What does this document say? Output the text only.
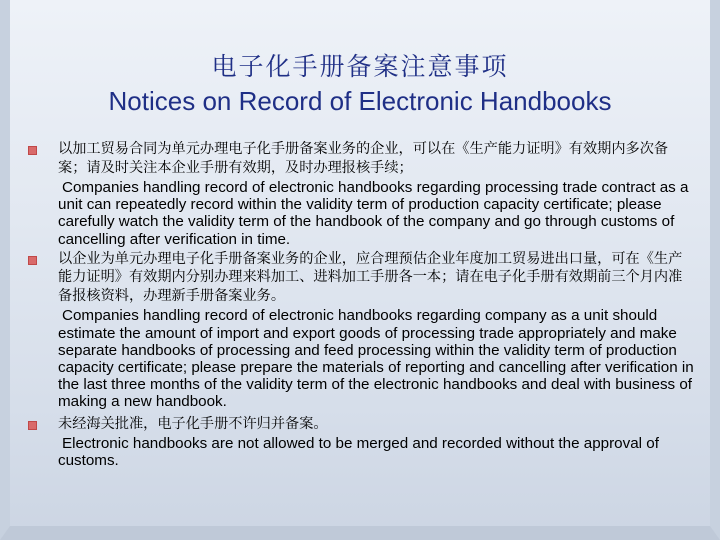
电子化手册备案注意事项
Notices on Record of Electronic Handbooks

以加工贸易合同为单元办理电子化手册备案业务的企业，可以在《生产能力证明》有效期内多次备案；请及时关注本企业手册有效期，及时办理报核手续；

Companies handling record of electronic handbooks regarding processing trade contract as a unit can repeatedly record within the validity term of production capacity certificate; please carefully watch the validity term of the handbook of the company and go through customs of cancelling after verification in time.

以企业为单元办理电子化手册备案业务的企业，应合理预估企业年度加工贸易进出口量，可在《生产能力证明》有效期内分别办理来料加工、进料加工手册各一本；请在电子化手册有效期前三个月内准备报核资料，办理新手册备案业务。

Companies handling record of electronic handbooks regarding company as a unit should estimate the amount of import and export goods of processing trade appropriately and make separate handbooks of processing and feed processing within the validity term of production capacity certificate; please prepare the materials of reporting and cancelling after verification in the last three months of the validity term of the electronic handbooks and deal with business of making a new handbook.

未经海关批准，电子化手册不许归并备案。

Electronic handbooks are not allowed to be merged and recorded without the approval of customs.
